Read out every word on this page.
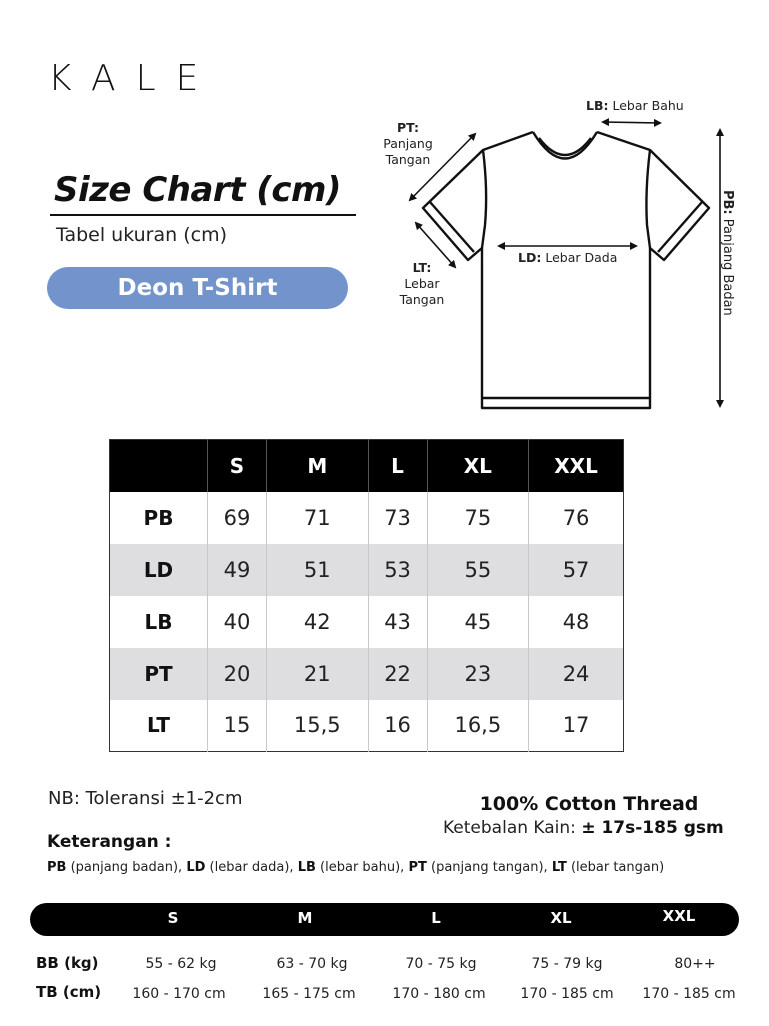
KALE
Size Chart (cm)
Tabel ukuran (cm)
Deon T-Shirt
LB: Lebar Bahu
PT:
Panjang
Tangan
LT:
Lebar
Tangan
LD: Lebar Dada
PB: Panjang Badan
	S	M	L	XL	XXL
PB	69	71	73	75	76
LD	49	51	53	55	57
LB	40	42	43	45	48
PT	20	21	22	23	24
LT	15	15,5	16	16,5	17
NB: Toleransi ±1-2cm	100% Cotton Thread
Ketebalan Kain: ± 17s-185 gsm
Keterangan :
PB (panjang badan), LD (lebar dada), LB (lebar bahu), PT (panjang tangan), LT (lebar tangan)
S	M	L	XL	XXL
BB (kg)	55 - 62 kg	63 - 70 kg	70 - 75 kg	75 - 79 kg	80++
TB (cm)	160 - 170 cm	165 - 175 cm	170 - 180 cm	170 - 185 cm	170 - 185 cm
